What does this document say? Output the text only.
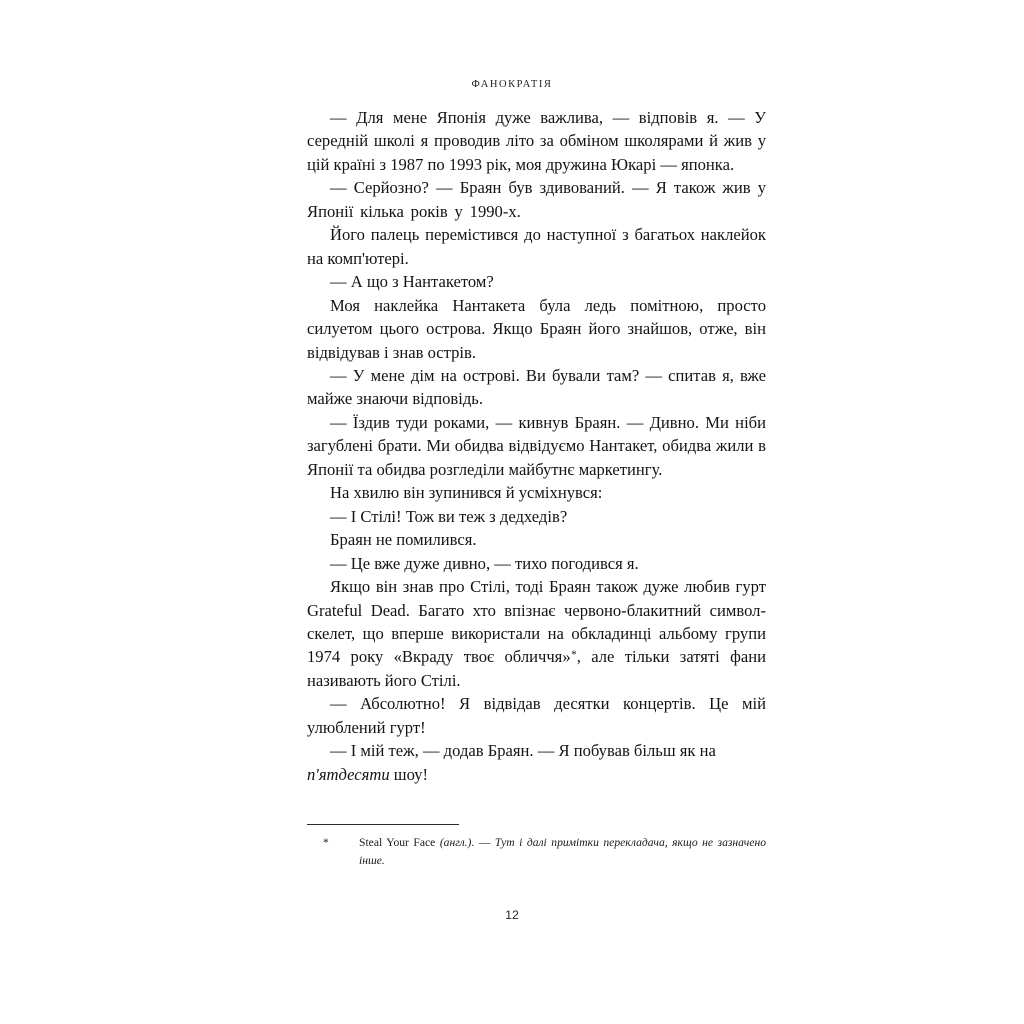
ФАНОКРАТІЯ

— Для мене Японія дуже важлива, — відповів я. — У середній школі я проводив літо за обміном школярами й жив у цій країні з 1987 по 1993 рік, моя дружина Юкарі — японка.

— Серйозно? — Браян був здивований. — Я також жив у Японії кілька років у 1990-х.

Його палець перемістився до наступної з багатьох наклейок на комп'ютері.

— А що з Нантакетом?

Моя наклейка Нантакета була ледь помітною, просто силуетом цього острова. Якщо Браян його знайшов, отже, він відвідував і знав острів.

— У мене дім на острові. Ви бували там? — спитав я, вже майже знаючи відповідь.

— Їздив туди роками, — кивнув Браян. — Дивно. Ми ніби загублені брати. Ми обидва відвідуємо Нантакет, обидва жили в Японії та обидва розгледіли майбутнє маркетингу.

На хвилю він зупинився й усміхнувся:

— І Стілі! Тож ви теж з дедхедів?

Браян не помилився.

— Це вже дуже дивно, — тихо погодився я.

Якщо він знав про Стілі, тоді Браян також дуже любив гурт Grateful Dead. Багато хто впізнає червоно-блакитний символ-скелет, що вперше використали на обкладинці альбому групи 1974 року «Вкраду твоє обличчя»*, але тільки затяті фани називають його Стілі.

— Абсолютно! Я відвідав десятки концертів. Це мій улюблений гурт!

— І мій теж, — додав Браян. — Я побував більш як на п'ятдесяти шоу!

*	Steal Your Face (англ.). — Тут і далі примітки перекладача, якщо не зазначено інше.
12
